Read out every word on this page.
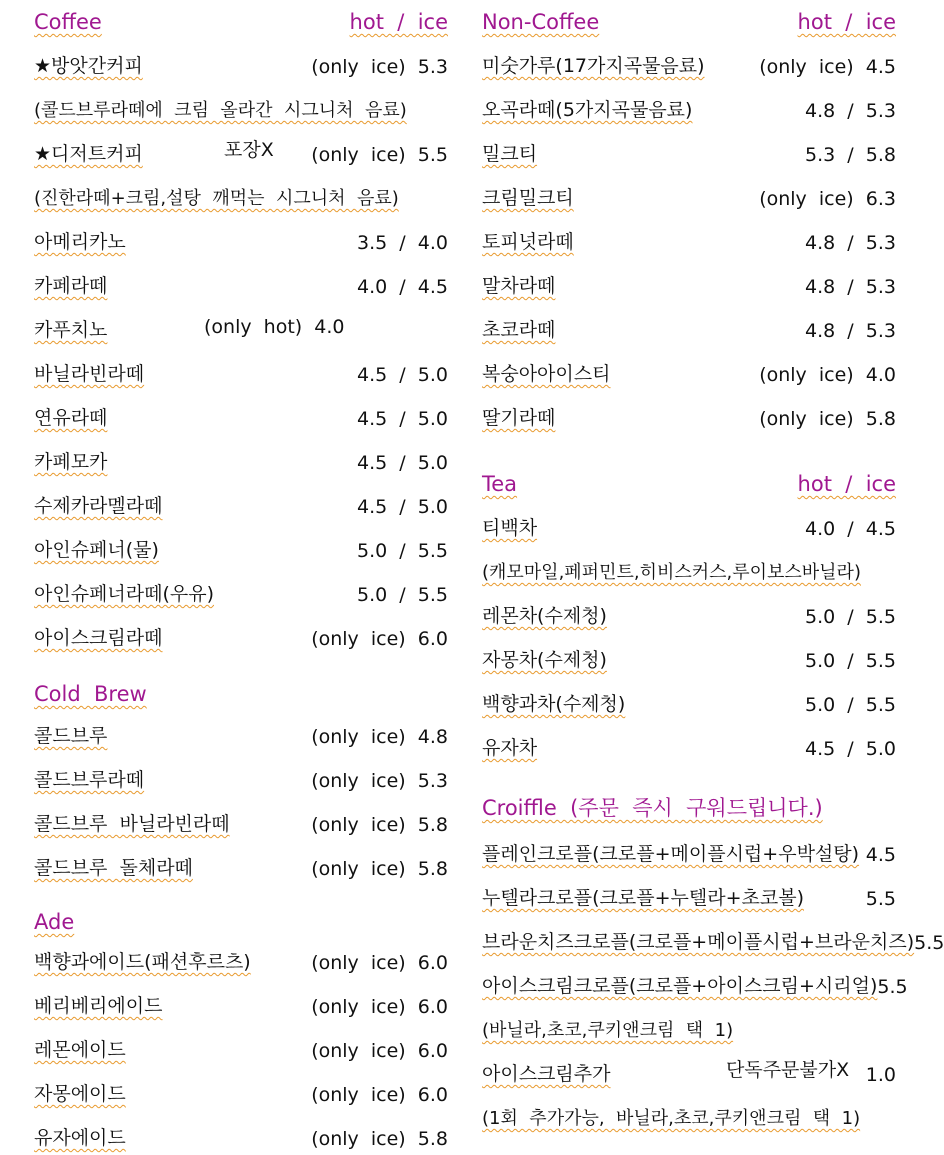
Coffee	hot  /  ice
★방앗간커피	(only  ice)  5.3
(콜드브루라떼에  크림  올라간  시그니처  음료)
★디저트커피	포장X (only  ice)  5.5
(진한라떼+크림,설탕  깨먹는  시그니처  음료)
아메리카노	3.5  /  4.0
카페라떼	4.0  /  4.5
카푸치노	(only  hot)  4.0
바닐라빈라떼	4.5  /  5.0
연유라떼	4.5  /  5.0
카페모카	4.5  /  5.0
수제카라멜라떼	4.5  /  5.0
아인슈페너(물)	5.0  /  5.5
아인슈페너라떼(우유)	5.0  /  5.5
아이스크림라떼	(only  ice)  6.0
Cold  Brew
콜드브루	(only  ice)  4.8
콜드브루라떼	(only  ice)  5.3
콜드브루  바닐라빈라떼	(only  ice)  5.8
콜드브루  돌체라떼	(only  ice)  5.8
Ade
백향과에이드(패션후르츠)	(only  ice)  6.0
베리베리에이드	(only  ice)  6.0
레몬에이드	(only  ice)  6.0
자몽에이드	(only  ice)  6.0
유자에이드	(only  ice)  5.8
Non-Coffee	hot  /  ice
미숫가루(17가지곡물음료)	(only  ice)  4.5
오곡라떼(5가지곡물음료)	4.8  /  5.3
밀크티	5.3  /  5.8
크림밀크티	(only  ice)  6.3
토피넛라떼	4.8  /  5.3
말차라떼	4.8  /  5.3
초코라떼	4.8  /  5.3
복숭아아이스티	(only  ice)  4.0
딸기라떼	(only  ice)  5.8
Tea	hot  /  ice
티백차	4.0  /  4.5
(캐모마일,페퍼민트,히비스커스,루이보스바닐라)
레몬차(수제청)	5.0  /  5.5
자몽차(수제청)	5.0  /  5.5
백향과차(수제청)	5.0  /  5.5
유자차	4.5  /  5.0
Croiffle  (주문  즉시  구워드립니다.)
플레인크로플(크로플+메이플시럽+우박설탕) 4.5
누텔라크로플(크로플+누텔라+초코볼)	5.5
브라운치즈크로플(크로플+메이플시럽+브라운치즈) 5.5
아이스크림크로플(크로플+아이스크림+시리얼) 5.5
(바닐라,초코,쿠키앤크림  택  1)
아이스크림추가	단독주문불가X 1.0
(1회  추가가능,  바닐라,초코,쿠키앤크림  택  1)
